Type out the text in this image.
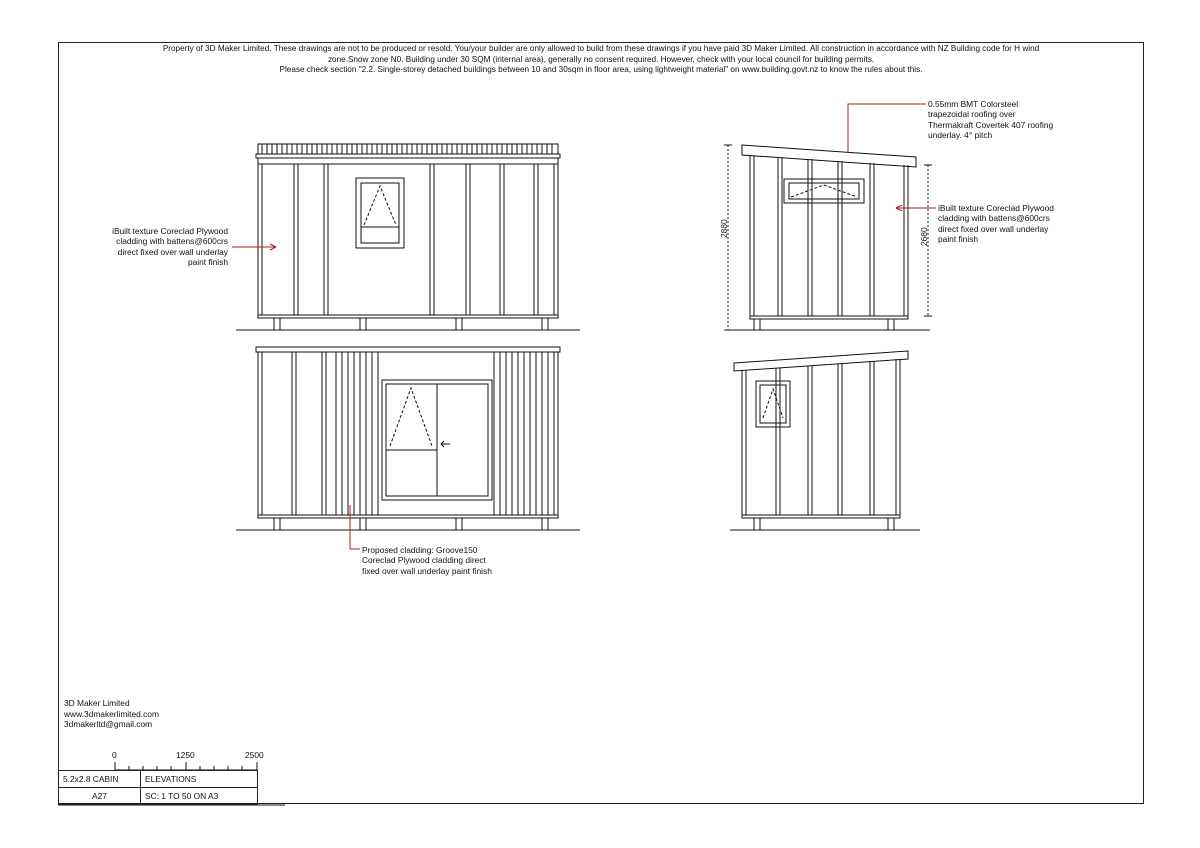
Property of 3D Maker Limited. These drawings are not to be produced or resold. You/your builder are only allowed to build from these drawings if you have paid 3D Maker Limited. All construction in accordance with NZ Building code for H wind
zone.Snow zone N0. Building under 30 SQM (internal area), generally no consent required. However, check with your local council for building permits.
Please check section "2.2. Single-storey detached buildings between 10 and 30sqm in floor area, using lightweight material" on www.building.govt.nz to know the rules about this.
iBuilt texture Coreclad Plywood
cladding with battens@600crs
direct fixed over wall underlay
paint finish
0.55mm BMT Colorsteel
trapezoidal roofing over
Thermakraft Covertek 407 roofing
underlay. 4° pitch
iBuilt texture Coreclad Plywood
cladding with battens@600crs
direct fixed over wall underlay
paint finish
Proposed cladding: Groove150
Coreclad Plywood cladding direct
fixed over wall underlay paint finish
2880	2680
3D Maker Limited
www.3dmakerlimited.com
3dmakerltd@gmail.com
0	1250	2500
5.2x2.8 CABIN	ELEVATIONS
A27	SC: 1 TO 50 ON A3
